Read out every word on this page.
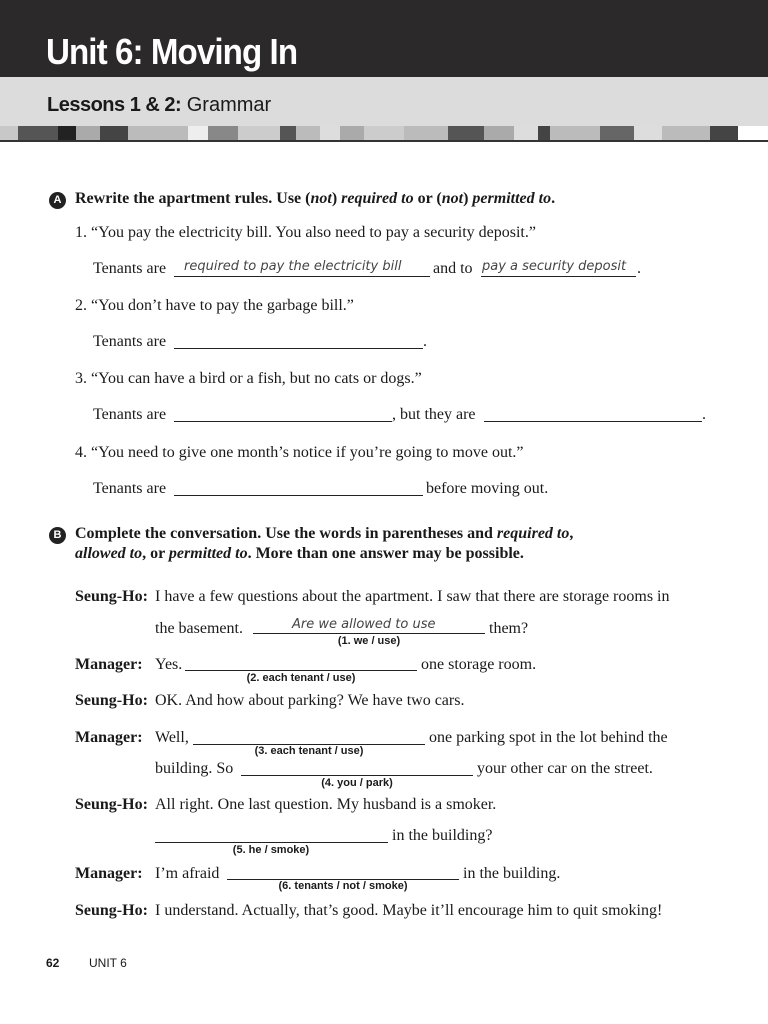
Unit 6: Moving In
Lessons 1 & 2: Grammar
A Rewrite the apartment rules. Use (not) required to or (not) permitted to.
1. “You pay the electricity bill. You also need to pay a security deposit.”
Tenants are required to pay the electricity bill and to pay a security deposit .
2. “You don’t have to pay the garbage bill.”
Tenants are	.
3. “You can have a bird or a fish, but no cats or dogs.”
Tenants are	, but they are	.
4. “You need to give one month’s notice if you’re going to move out.”
Tenants are	before moving out.
B Complete the conversation. Use the words in parentheses and required to,
allowed to, or permitted to. More than one answer may be possible.
Seung-Ho: I have a few questions about the apartment. I saw that there are storage rooms in
the basement.	Are we allowed to use
(1. we / use)
them?
Manager: Yes.
(2. each tenant / use)
one storage room.
Seung-Ho: OK. And how about parking? We have two cars.
Manager: Well,
(3. each tenant / use)
one parking spot in the lot behind the
building. So
(4. you / park)
your other car on the street.
Seung-Ho: All right. One last question. My husband is a smoker.
(5. he / smoke)
in the building?
Manager: I’m afraid
(6. tenants / not / smoke)
in the building.
Seung-Ho: I understand. Actually, that’s good. Maybe it’ll encourage him to quit smoking!
62 UNIT 6
